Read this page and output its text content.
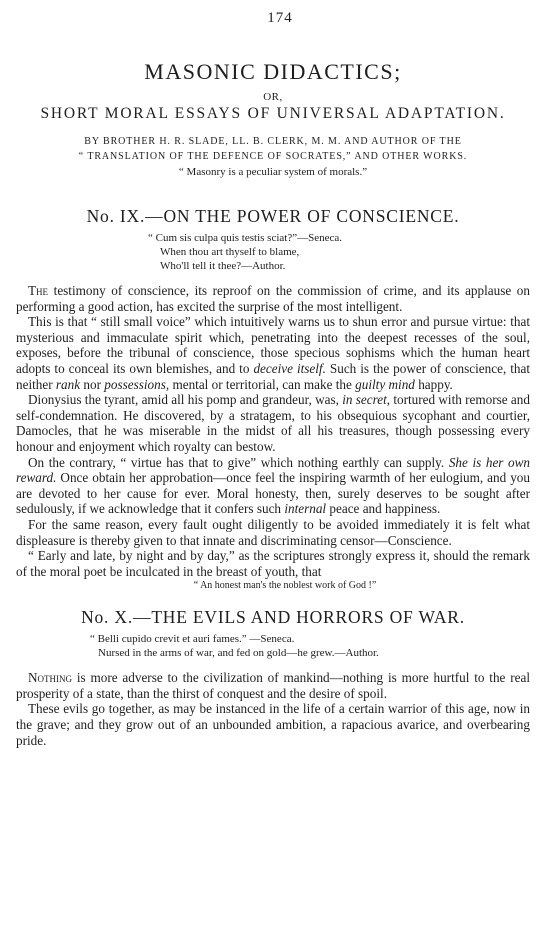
174
MASONIC DIDACTICS;
OR,
SHORT MORAL ESSAYS OF UNIVERSAL ADAPTATION.
BY BROTHER H. R. SLADE, LL. B. CLERK, M. M. AND AUTHOR OF THE
“ TRANSLATION OF THE DEFENCE OF SOCRATES,” AND OTHER WORKS.
“ Masonry is a peculiar system of morals.”
No. IX.—ON THE POWER OF CONSCIENCE.
“ Cum sis culpa quis testis sciat?”—Seneca.
When thou art thyself to blame,
Who'll tell it thee?—Author.

The testimony of conscience, its reproof on the commission of crime, and its applause on performing a good action, has excited the surprise of the most intelligent.

This is that “ still small voice” which intuitively warns us to shun error and pursue virtue: that mysterious and immaculate spirit which, penetrating into the deepest recesses of the soul, exposes, before the tribunal of conscience, those specious sophisms which the human heart adopts to conceal its own blemishes, and to deceive itself. Such is the power of conscience, that neither rank nor possessions, mental or territorial, can make the guilty mind happy.

Dionysius the tyrant, amid all his pomp and grandeur, was, in secret, tortured with remorse and self-condemnation. He discovered, by a stratagem, to his obsequious sycophant and courtier, Damocles, that he was miserable in the midst of all his treasures, though possessing every honour and enjoyment which royalty can bestow.

On the contrary, “ virtue has that to give” which nothing earthly can supply. She is her own reward. Once obtain her approbation—once feel the inspiring warmth of her eulogium, and you are devoted to her cause for ever. Moral honesty, then, surely deserves to be sought after sedulously, if we acknowledge that it confers such internal peace and happiness.

For the same reason, every fault ought diligently to be avoided immediately it is felt what displeasure is thereby given to that innate and discriminating censor—Conscience.

“ Early and late, by night and by day,” as the scriptures strongly express it, should the remark of the moral poet be inculcated in the breast of youth, that

“ An honest man's the noblest work of God !”
No. X.—THE EVILS AND HORRORS OF WAR.
“ Belli cupido crevit et auri fames.” —Seneca.
Nursed in the arms of war, and fed on gold—he grew.—Author.

Nothing is more adverse to the civilization of mankind—nothing is more hurtful to the real prosperity of a state, than the thirst of conquest and the desire of spoil.

These evils go together, as may be instanced in the life of a certain warrior of this age, now in the grave; and they grow out of an unbounded ambition, a rapacious avarice, and overbearing pride.
